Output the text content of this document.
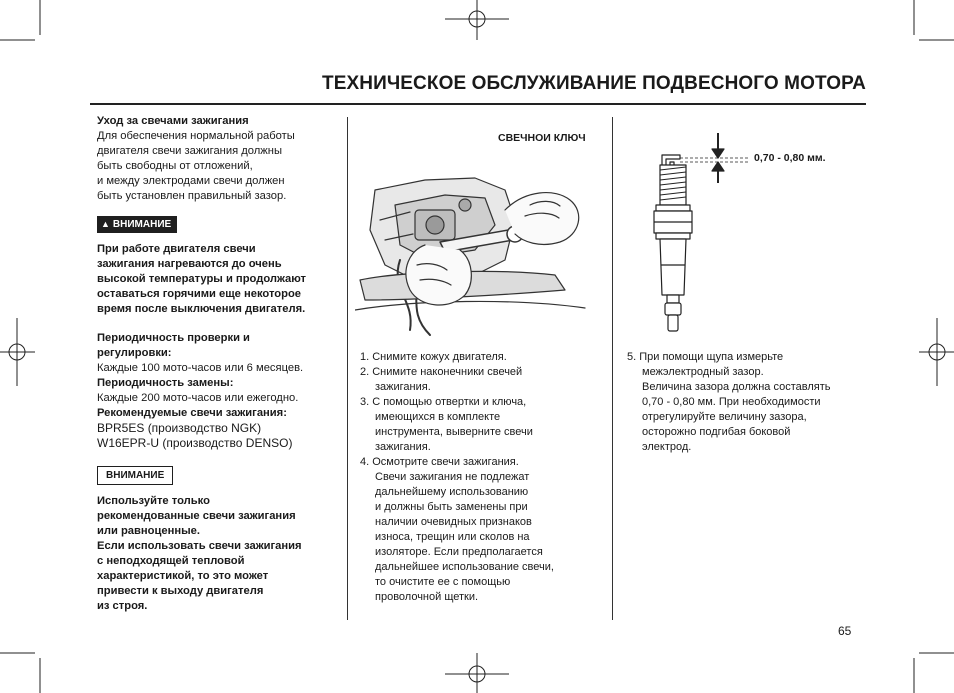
ТЕХНИЧЕСКОЕ ОБСЛУЖИВАНИЕ ПОДВЕСНОГО МОТОРА

Уход за свечами зажигания

Для обеспечения нормальной работы

двигателя свечи зажигания должны

быть свободны от отложений,

и между электродами свечи должен

быть установлен правильный зазор.

▲ ВНИМАНИЕ

При работе двигателя свечи

зажигания нагреваются до очень

высокой температуры и продолжают

оставаться горячими еще некоторое

время после выключения двигателя.

Периодичность проверки и

регулировки:

Каждые 100 мото-часов или 6 месяцев.

Периодичность замены:

Каждые 200 мото-часов или ежегодно.

Рекомендуемые свечи зажигания:

BPR5ES (производство NGK)

W16EPR-U (производство DENSO)

ВНИМАНИЕ

Используйте только

рекомендованные свечи зажигания

или равноценные.

Если использовать свечи зажигания

с неподходящей тепловой

характеристикой, то это может

привести к выходу двигателя

из строя.

СВЕЧНОИ КЛЮЧ

1. Снимите кожух двигателя.

2. Снимите наконечники свечей

зажигания.

3. С помощью отвертки и ключа,

имеющихся в комплекте

инструмента, выверните свечи

зажигания.

4. Осмотрите свечи зажигания.

Свечи зажигания не подлежат

дальнейшему использованию

и должны быть заменены при

наличии очевидных признаков

износа, трещин или сколов на

изоляторе. Если предполагается

дальнейшее использование свечи,

то очистите ее с помощью

проволочной щетки.

0,70 - 0,80 мм.

5. При помощи щупа измерьте

межэлектродный зазор.

Величина зазора должна составлять

0,70 - 0,80 мм. При необходимости

отрегулируйте величину зазора,

осторожно подгибая боковой

электрод.

65
